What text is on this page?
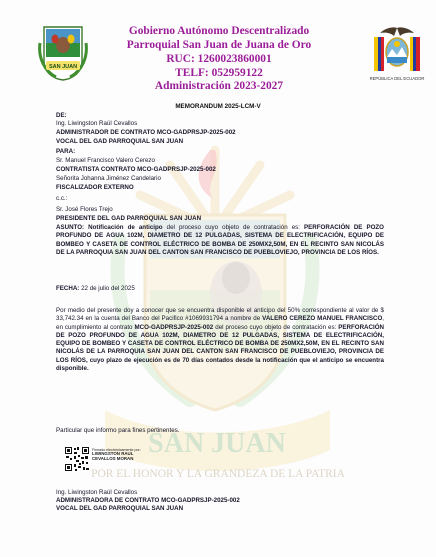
SAN JUAN
POR EL HONOR Y LA GRANDEZA DE LA PATRIA
SAN JUAN
REPÚBLICA DEL ECUADOR
Gobierno Autónomo Descentralizado
Parroquial San Juan de Juana de Oro
RUC: 1260023860001
TELF: 052959122
Administración 2023-2027
MEMORANDUM 2025-LCM-V
DE:
Ing. Liwingston Raúl Cevallos
ADMINISTRADOR DE CONTRATO MCO-GADPRSJP-2025-002
VOCAL DEL GAD PARROQUIAL SAN JUAN
PARA:
Sr. Manuel Francisco Valero Cerezo
CONTRATISTA CONTRATO MCO-GADPRSJP-2025-002
Señorita Johanna Jiménez Candelario
FISCALIZADOR EXTERNO
c.c.:
Sr. José Flores Trejo
PRESIDENTE DEL GAD PARROQUIAL SAN JUAN
ASUNTO: Notificación de anticipo del proceso cuyo objeto de contratación es: PERFORACIÓN DE POZO PROFUNDO DE AGUA 102M, DIAMETRO DE 12 PULGADAS, SISTEMA DE ELECTRIFICACIÓN, EQUIPO DE BOMBEO Y CASETA DE CONTROL ELÉCTRICO DE BOMBA DE 250MX2,50M, EN EL RECINTO SAN NICOLÁS DE LA PARROQUIA SAN JUAN DEL CANTON SAN FRANCISCO DE PUEBLOVIEJO, PROVINCIA DE LOS RÍOS.
FECHA: 22 de julio del 2025
Por medio del presente doy a conocer que se encuentra disponible el anticipo del 50% correspondiente al valor de $ 33,742.34 en la cuenta del Banco del Pacifico #1069931794 a nombre de VALERO CEREZO MANUEL FRANCISCO, en cumplimiento al contrato MCO-GADPRSJP-2025-002 del proceso cuyo objeto de contratación es: PERFORACIÓN DE POZO PROFUNDO DE AGUA 102M, DIAMETRO DE 12 PULGADAS, SISTEMA DE ELECTRIFICACIÓN, EQUIPO DE BOMBEO Y CASETA DE CONTROL ELÉCTRICO DE BOMBA DE 250MX2,50M, EN EL RECINTO SAN NICOLÁS DE LA PARROQUIA SAN JUAN DEL CANTON SAN FRANCISCO DE PUEBLOVIEJO, PROVINCIA DE LOS RÍOS, cuyo plazo de ejecución es de 70 días contados desde la notificación que el anticipo se encuentra disponible.
Particular que informo para fines pertinentes.
Firmado electrónicamente por:
LIWINGSTON RAUL
CEVALLOS MORAN
Ing. Liwingston Raúl Cevallos
ADMINISTRADORA DE CONTRATO MCO-GADPRSJP-2025-002
VOCAL DEL GAD PARROQUIAL SAN JUAN
